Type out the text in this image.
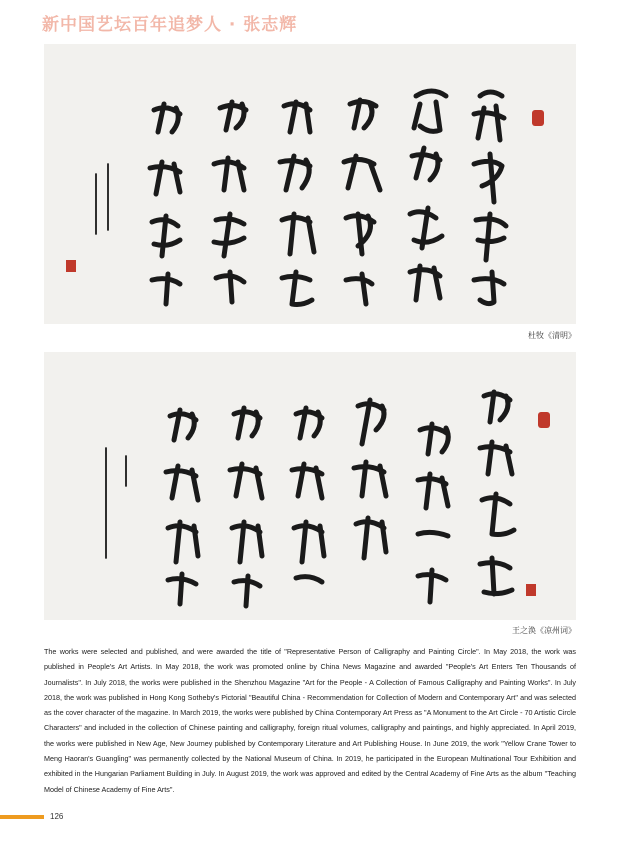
新中国艺坛百年追梦人 · 张志辉
杜牧《清明》
王之涣《凉州词》
The works were selected and published, and were awarded the title of "Representative Person of Calligraphy and Painting Circle". In May 2018, the work was published in People's Art Artists. In May 2018, the work was promoted online by China News Magazine and awarded "People's Art Enters Ten Thousands of Journalists". In July 2018, the works were published in the Shenzhou Magazine "Art for the People - A Collection of Famous Calligraphy and Painting Works". In July 2018, the work was published in Hong Kong Sotheby's Pictorial "Beautiful China - Recommendation for Collection of Modern and Contemporary Art" and was selected as the cover character of the magazine. In March 2019, the works were published by China Contemporary Art Press as "A Monument to the Art Circle - 70 Artistic Circle Characters" and included in the collection of Chinese painting and calligraphy, foreign ritual volumes, calligraphy and paintings, and highly appreciated. In April 2019, the works were published in New Age, New Journey published by Contemporary Literature and Art Publishing House. In June 2019, the work "Yellow Crane Tower to Meng Haoran's Guangling" was permanently collected by the National Museum of China. In 2019, he participated in the European Multinational Tour Exhibition and exhibited in the Hungarian Parliament Building in July. In August 2019, the work was approved and edited by the Central Academy of Fine Arts as the album "Teaching Model of Chinese Academy of Fine Arts".
126
